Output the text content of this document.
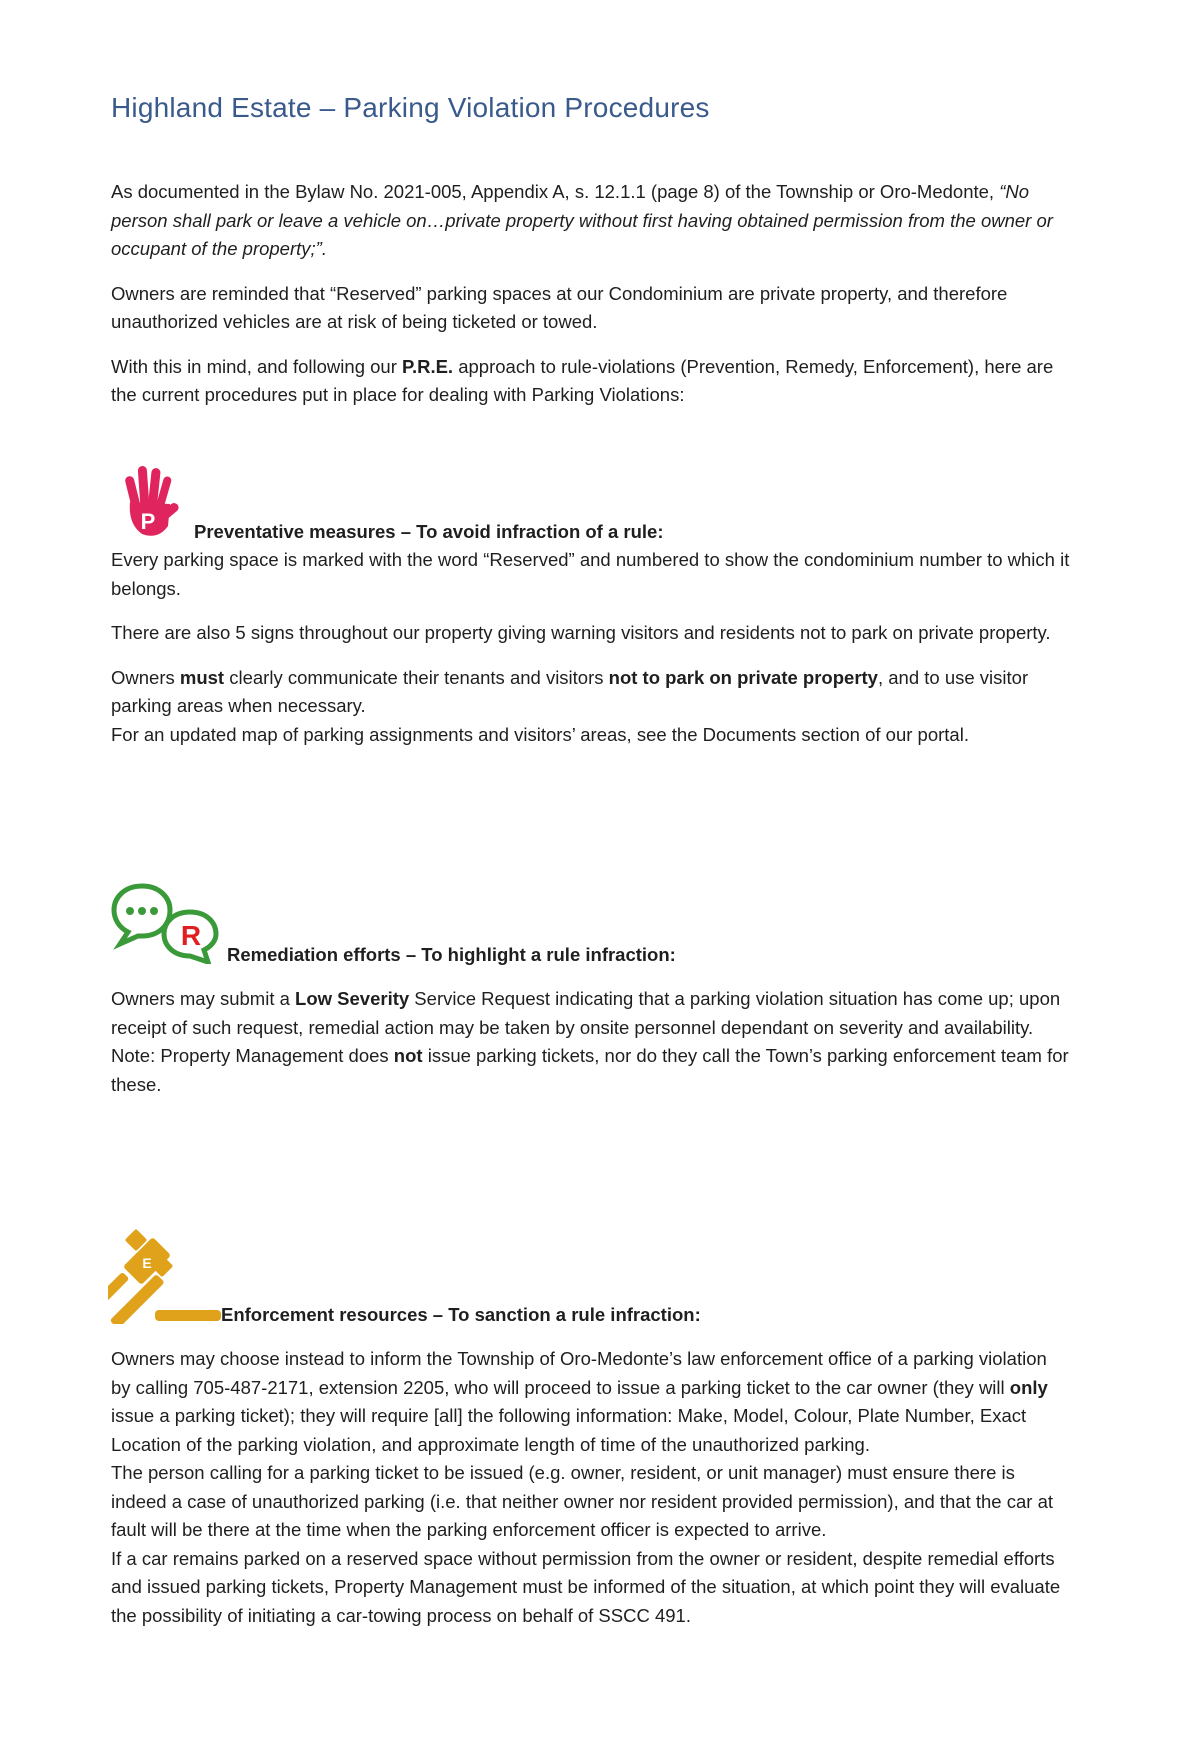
Highland Estate – Parking Violation Procedures

As documented in the Bylaw No. 2021-005, Appendix A, s. 12.1.1 (page 8) of the Township or Oro-Medonte, “No person shall park or leave a vehicle on…private property without first having obtained permission from the owner or occupant of the property;”.

Owners are reminded that “Reserved” parking spaces at our Condominium are private property, and therefore unauthorized vehicles are at risk of being ticketed or towed.

With this in mind, and following our P.R.E. approach to rule-violations (Prevention, Remedy, Enforcement), here are the current procedures put in place for dealing with Parking Violations:

P Preventative measures – To avoid infraction of a rule:

Every parking space is marked with the word “Reserved” and numbered to show the condominium number to which it belongs.

There are also 5 signs throughout our property giving warning visitors and residents not to park on private property.

Owners must clearly communicate their tenants and visitors not to park on private property, and to use visitor parking areas when necessary.

For an updated map of parking assignments and visitors’ areas, see the Documents section of our portal.

R
Remediation efforts – To highlight a rule infraction:

Owners may submit a Low Severity Service Request indicating that a parking violation situation has come up; upon receipt of such request, remedial action may be taken by onsite personnel dependant on severity and availability.

Note: Property Management does not issue parking tickets, nor do they call the Town’s parking enforcement team for these.

E
Enforcement resources – To sanction a rule infraction:

Owners may choose instead to inform the Township of Oro-Medonte’s law enforcement office of a parking violation by calling 705-487-2171, extension 2205, who will proceed to issue a parking ticket to the car owner (they will only issue a parking ticket); they will require [all] the following information: Make, Model, Colour, Plate Number, Exact Location of the parking violation, and approximate length of time of the unauthorized parking.

The person calling for a parking ticket to be issued (e.g. owner, resident, or unit manager) must ensure there is indeed a case of unauthorized parking (i.e. that neither owner nor resident provided permission), and that the car at fault will be there at the time when the parking enforcement officer is expected to arrive.

If a car remains parked on a reserved space without permission from the owner or resident, despite remedial efforts and issued parking tickets, Property Management must be informed of the situation, at which point they will evaluate the possibility of initiating a car-towing process on behalf of SSCC 491.
